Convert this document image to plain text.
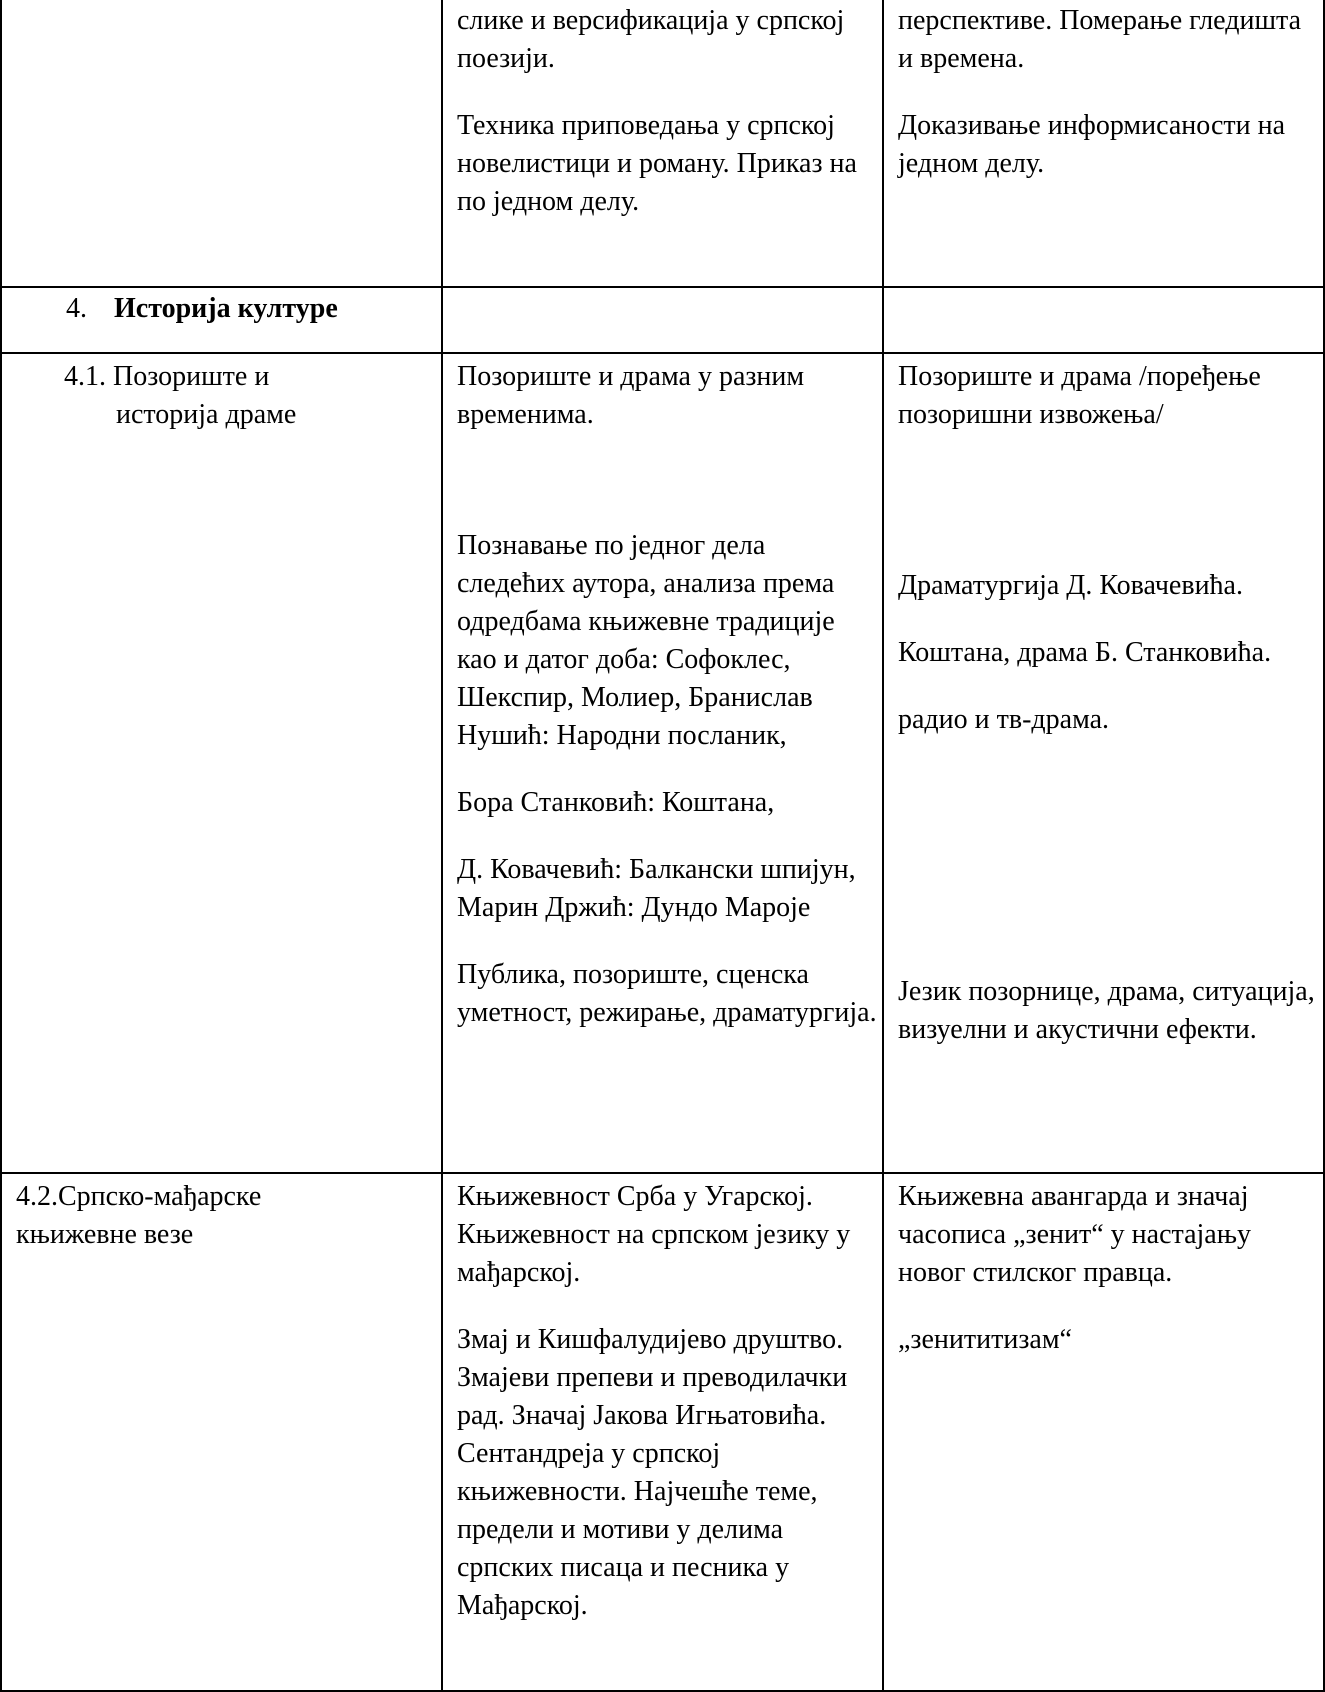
слике и версификација у српској поезији.

Техника приповедања у српској новелистици и роману. Приказ на по једном делу.

перспективе. Померање гледишта и времена.

Доказивање информисаности на једном делу.

4. Историја културе
4.1. Позориште и
историја драме

Позориште и драма у разним временима.

Познавање по једног дела следећих аутора, анализа према одредбама књижевне традиције као и датог доба: Софоклес, Шекспир, Молиер, Бранислав Нушић: Народни посланик,

Бора Станковић: Коштана,

Д. Ковачевић: Балкански шпијун, Марин Држић: Дундо Мароје

Публика, позориште, сценска уметност, режирање, драматургија.

Позориште и драма /поређење позоришни извожења/

Драматургија Д. Ковачевића.

Коштана, драма Б. Станковића.

радио и тв-драма.

Језик позорнице, драма, ситуација, визуелни и акустични ефекти.

4.2.Српско-мађарске књижевне везе

Књижевност Срба у Угарској. Књижевност на српском језику у мађарској.

Змај и Кишфалудијево друштво. Змајеви препеви и преводилачки рад. Значај Јакова Игњатовића. Сентандреја у српској књижевности. Најчешће теме, предели и мотиви у делима српских писаца и песника у Мађарској.

Књижевна авангарда и значај часописа „зенит“ у настајању новог стилског правца.

„зенититизам“
